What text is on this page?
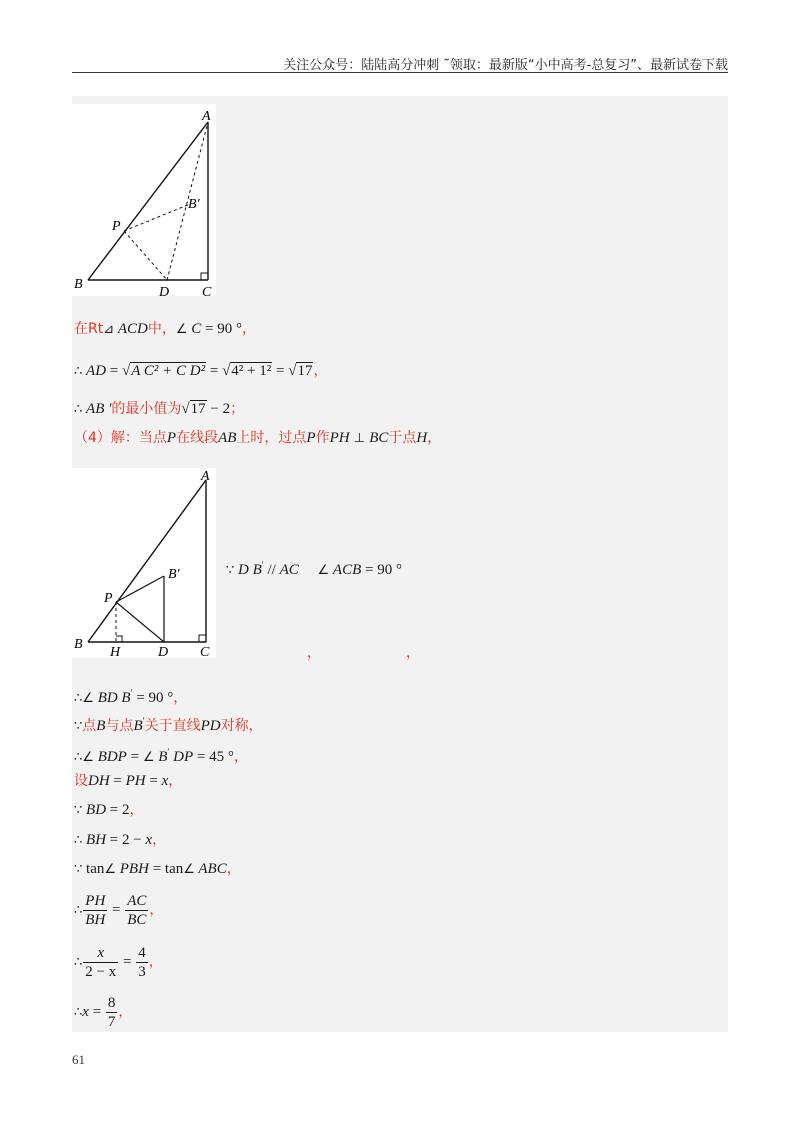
关注公众号：陆陆高分冲刺 ˜领取：最新版“小中高考-总复习”、最新试卷下载
A
B′
P
B
D C
在Rt⊿ ACD中，∠ C = 90 °，
∴ AD = √A C² + C D² = √4² + 1² = √17，
∴ AB ′的最小值为√17 − 2；
（4）解：当点P在线段AB上时，过点P作PH ⊥ BC于点H，
A
B′
P
B
H	D C
∵ D B′ // AC ∠ ACB = 90 °
，	，
∴∠ BD B′ = 90 °，
∵点B与点B′关于直线PD对称，
∴∠ BDP = ∠ B′ DP = 45 °，
设DH = PH = x，
∵ BD = 2，
∴ BH = 2 − x，
∵ tan∠ PBH = tan∠ ABC，
∴ $\frac{PH}{BH} = \frac{AC}{BC}$ ，
∴ $\frac{x}{2 - x} = \frac{4}{3}$ ，
∴x = $\frac{8}{7}$ ，
61
